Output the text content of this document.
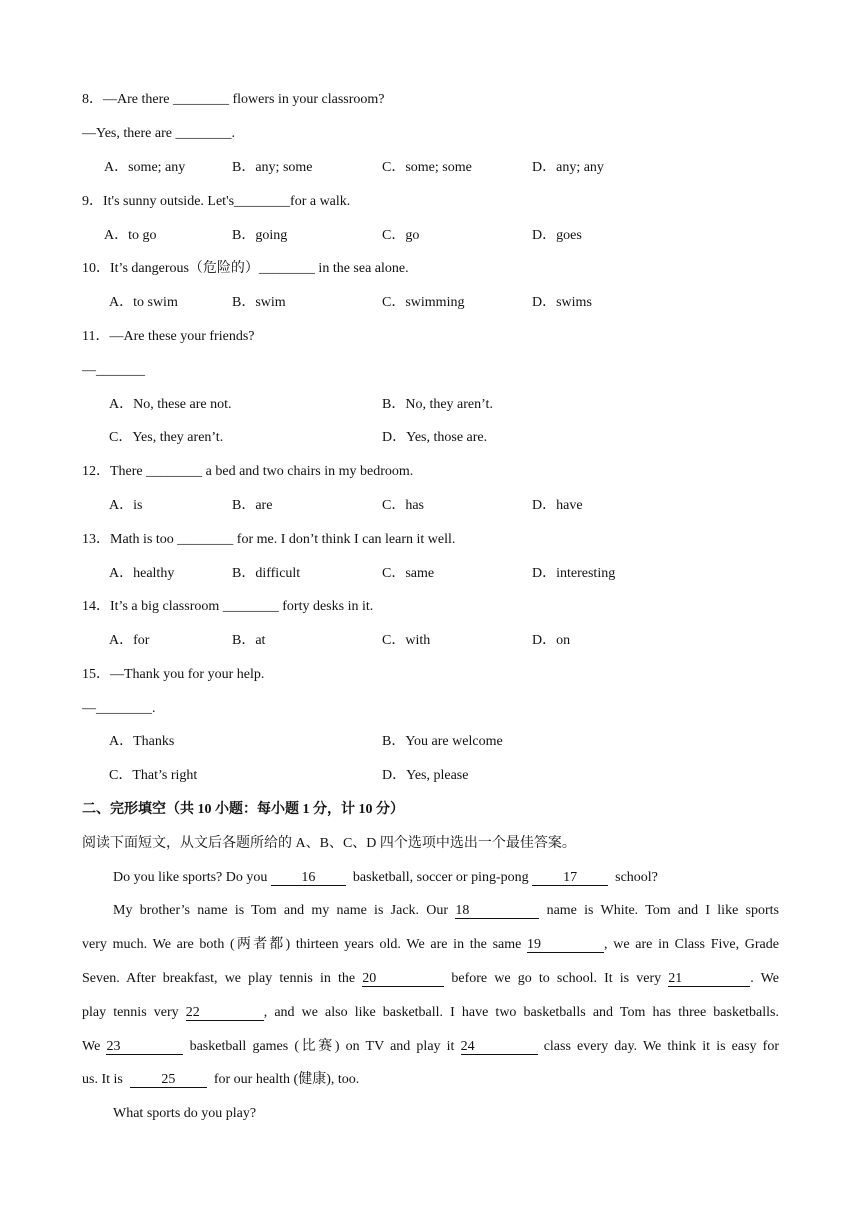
8．—Are there ________ flowers in your classroom?
—Yes, there are ________.
A．some; any	B．any; some	C．some; some	D．any; any
9．It's sunny outside. Let's________for a walk.
A．to go	B．going	C．go	D．goes
10．It’s dangerous（危险的）________ in the sea alone.
A．to swim	B．swim	C．swimming	D．swims
11．—Are these your friends?
—_______
A．No, these are not.	B．No, they aren’t.
C．Yes, they aren’t.	D．Yes, those are.
12．There ________ a bed and two chairs in my bedroom.
A．is	B．are	C．has	D．have
13．Math is too ________ for me. I don’t think I can learn it well.
A．healthy	B．difficult	C．same	D．interesting
14．It’s a big classroom ________ forty desks in it.
A．for	B．at	C．with	D．on
15．—Thank you for your help.
—________.
A．Thanks	B．You are welcome
C．That’s right	D．Yes, please
二、完形填空（共 10 小题：每小题 1 分，计 10 分）
阅读下面短文，从文后各题所给的 A、B、C、D 四个选项中选出一个最佳答案。
Do you like sports? Do you 16  basketball, soccer or ping-pong 17  school?
My brother’s name is Tom and my name is Jack. Our 18	name is White. Tom and I like sports
very much. We are both (两者都) thirteen years old. We are in the same 19	, we are in Class Five, Grade
Seven. After breakfast, we play tennis in the 20	before we go to school. It is very 21	. We
play tennis very 22	, and we also like basketball. I have two basketballs and Tom has three basketballs.
We 23	basketball games (比赛) on TV and play it 24	class every day. We think it is easy for
us. It is  25  for our health (健康), too.
What sports do you play?
